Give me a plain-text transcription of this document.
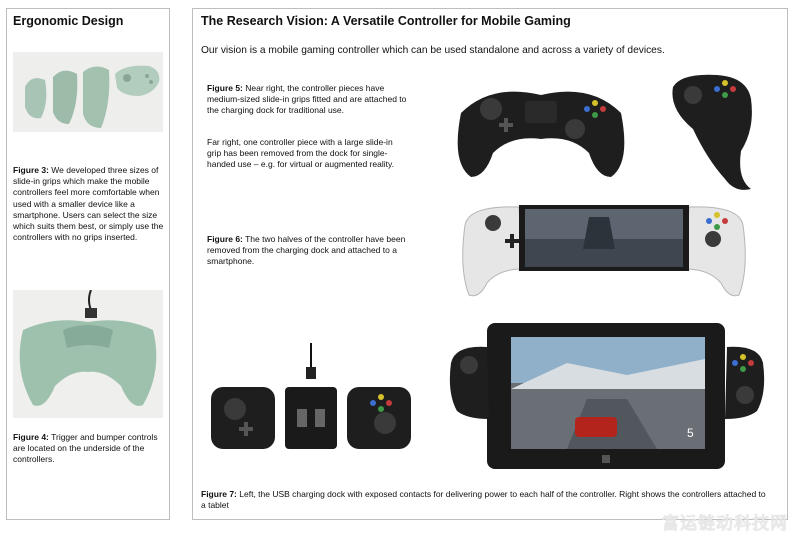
Ergonomic Design

Figure 3: We developed three sizes of slide-in grips which make the mobile controllers feel more comfortable when used with a smaller device like a smartphone. Users can select the size which suits them best, or simply use the controllers with no grips inserted.

Figure 4: Trigger and bumper controls are located on the underside of the controllers.

The Research Vision: A Versatile Controller for Mobile Gaming

Our vision is a mobile gaming controller which can be used standalone and across a variety of devices.

Figure 5: Near right, the controller pieces have medium-sized slide-in grips fitted and are attached to the charging dock for traditional use.

Far right, one controller piece with a large slide-in grip has been removed from the dock for single-handed use – e.g. for virtual or augmented reality.

Figure 6: The two halves of the controller have been removed from the charging dock and attached to a smartphone.

5

Figure 7: Left, the USB charging dock with exposed contacts for delivering power to each half of the controller. Right shows the controllers attached to a tablet

富运链动科技网
